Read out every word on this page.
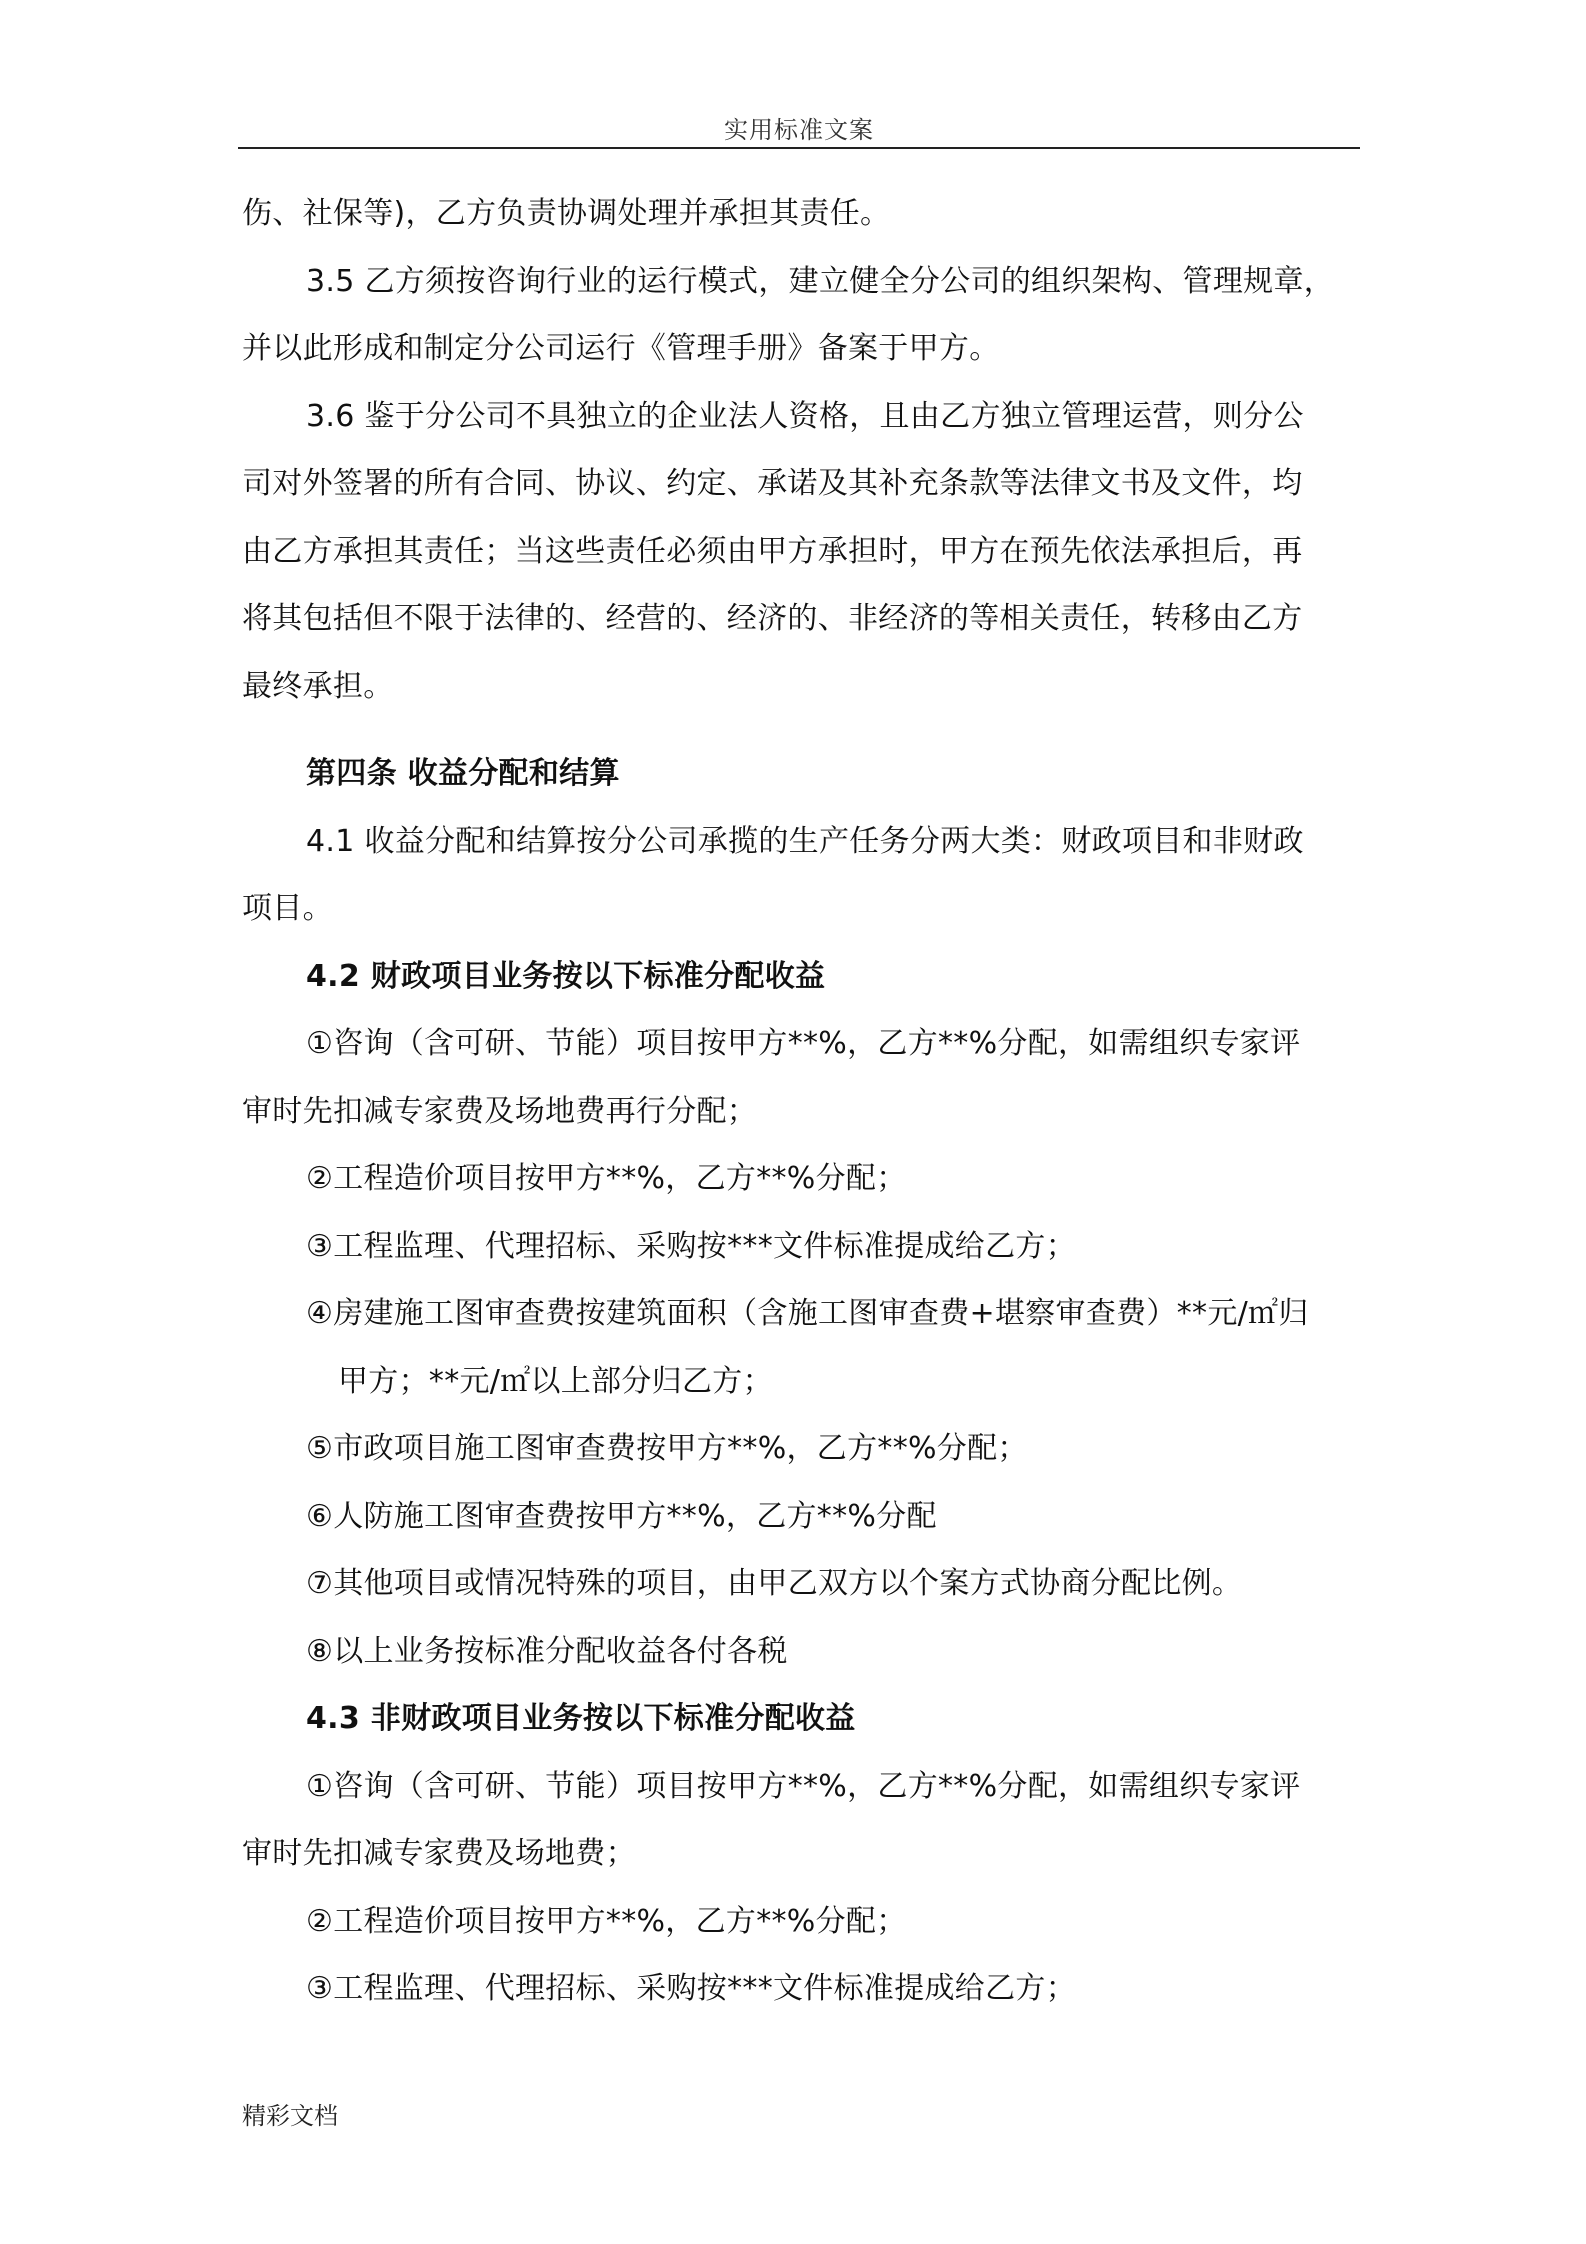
实用标准文案
伤、社保等)，乙方负责协调处理并承担其责任。
3.5 乙方须按咨询行业的运行模式，建立健全分公司的组织架构、管理规章，
并以此形成和制定分公司运行《管理手册》备案于甲方。
3.6 鉴于分公司不具独立的企业法人资格，且由乙方独立管理运营，则分公
司对外签署的所有合同、协议、约定、承诺及其补充条款等法律文书及文件，均
由乙方承担其责任；当这些责任必须由甲方承担时，甲方在预先依法承担后，再
将其包括但不限于法律的、经营的、经济的、非经济的等相关责任，转移由乙方
最终承担。
第四条 收益分配和结算
4.1 收益分配和结算按分公司承揽的生产任务分两大类：财政项目和非财政
项目。
4.2 财政项目业务按以下标准分配收益
①咨询（含可研、节能）项目按甲方**%，乙方**%分配，如需组织专家评
审时先扣减专家费及场地费再行分配；
②工程造价项目按甲方**%，乙方**%分配；
③工程监理、代理招标、采购按***文件标准提成给乙方；
④房建施工图审查费按建筑面积（含施工图审查费+堪察审查费）**元/㎡归
甲方；**元/㎡以上部分归乙方；
⑤市政项目施工图审查费按甲方**%，乙方**%分配；
⑥人防施工图审查费按甲方**%，乙方**%分配
⑦其他项目或情况特殊的项目，由甲乙双方以个案方式协商分配比例。
⑧以上业务按标准分配收益各付各税
4.3 非财政项目业务按以下标准分配收益
①咨询（含可研、节能）项目按甲方**%，乙方**%分配，如需组织专家评
审时先扣减专家费及场地费；
②工程造价项目按甲方**%，乙方**%分配；
③工程监理、代理招标、采购按***文件标准提成给乙方；
精彩文档
